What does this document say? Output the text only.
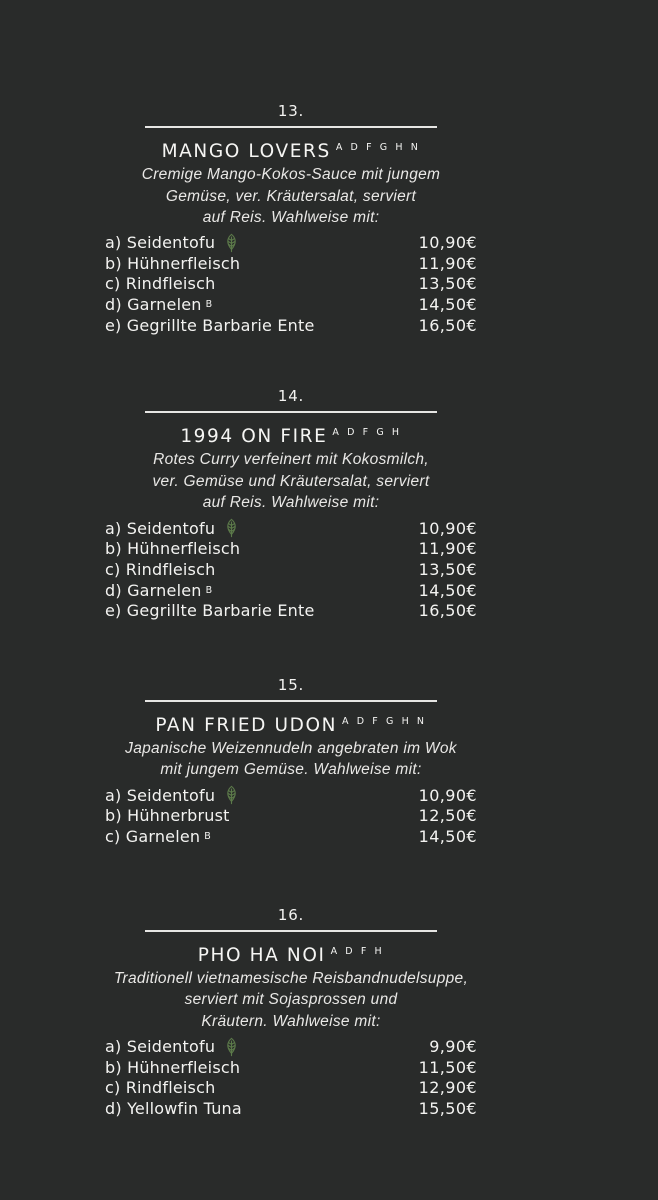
13.
MANGO LOVERS $^{A D F G H N}$
Cremige Mango-Kokos-Sauce mit jungem
Gemüse, ver. Kräutersalat, serviert
auf Reis. Wahlweise mit:
a) Seidentofu	10,90€
b) Hühnerfleisch	11,90€
c) Rindfleisch	13,50€
d) Garnelen B	14,50€
e) Gegrillte Barbarie Ente	16,50€
14.
1994 ON FIRE $^{A D F G H}$
Rotes Curry verfeinert mit Kokosmilch,
ver. Gemüse und Kräutersalat, serviert
auf Reis. Wahlweise mit:
a) Seidentofu	10,90€
b) Hühnerfleisch	11,90€
c) Rindfleisch	13,50€
d) Garnelen B	14,50€
e) Gegrillte Barbarie Ente	16,50€
15.
PAN FRIED UDON $^{A D F G H N}$
Japanische Weizennudeln angebraten im Wok
mit jungem Gemüse. Wahlweise mit:
a) Seidentofu	10,90€
b) Hühnerbrust	12,50€
c) Garnelen B	14,50€
16.
PHO HA NOI $^{A D F H}$
Traditionell vietnamesische Reisbandnudelsuppe,
serviert mit Sojasprossen und
Kräutern. Wahlweise mit:
a) Seidentofu	9,90€
b) Hühnerfleisch	11,50€
c) Rindfleisch	12,90€
d) Yellowfin Tuna	15,50€
